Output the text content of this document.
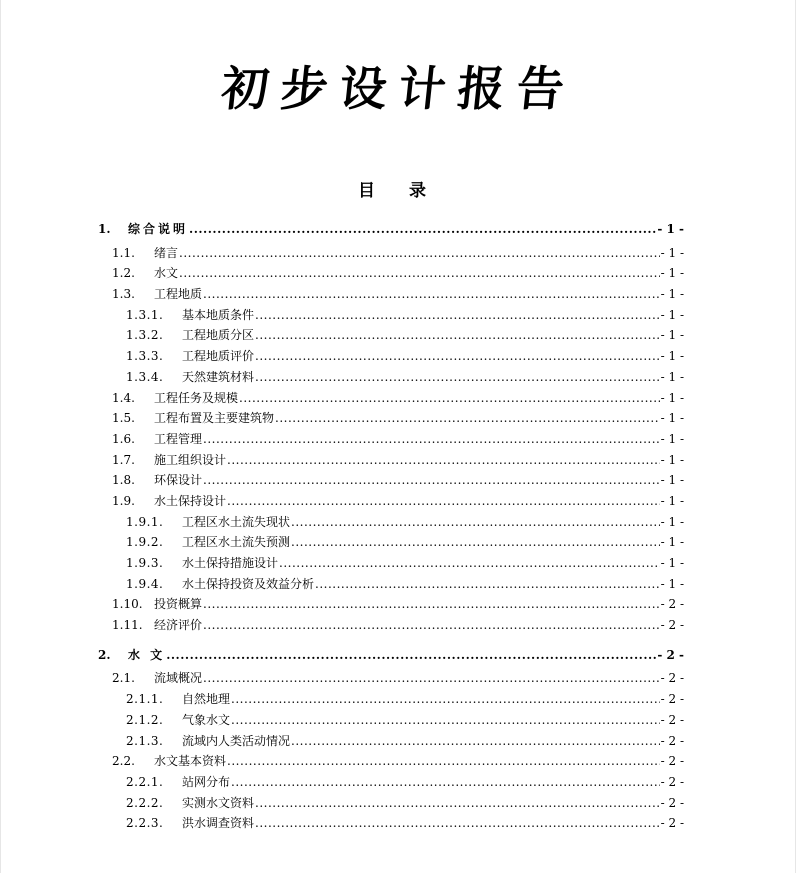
初步设计报告
目 录
1.	综合说明 .....	- 1 -
1.1.	绪言 .....	- 1 -
1.2.	水文 .....	- 1 -
1.3.	工程地质 .....	- 1 -
1.3.1.	基本地质条件 .....	- 1 -
1.3.2.	工程地质分区 .....	- 1 -
1.3.3.	工程地质评价 .....	- 1 -
1.3.4.	天然建筑材料 .....	- 1 -
1.4.	工程任务及规模 .....	- 1 -
1.5.	工程布置及主要建筑物 .....	- 1 -
1.6.	工程管理 .....	- 1 -
1.7.	施工组织设计 .....	- 1 -
1.8.	环保设计 .....	- 1 -
1.9.	水土保持设计 .....	- 1 -
1.9.1.	工程区水土流失现状 .....	- 1 -
1.9.2.	工程区水土流失预测 .....	- 1 -
1.9.3.	水土保持措施设计 .....	- 1 -
1.9.4.	水土保持投资及效益分析 .....	- 1 -
1.10. 投资概算 .....	- 2 -
1.11. 经济评价 .....	- 2 -
2.	水 文 .....	- 2 -
2.1.	流域概况 .....	- 2 -
2.1.1.	自然地理 .....	- 2 -
2.1.2.	气象水文 .....	- 2 -
2.1.3.	流域内人类活动情况 .....	- 2 -
2.2.	水文基本资料 .....	- 2 -
2.2.1.	站网分布 .....	- 2 -
2.2.2.	实测水文资料 .....	- 2 -
2.2.3.	洪水调查资料 .....	- 2 -
